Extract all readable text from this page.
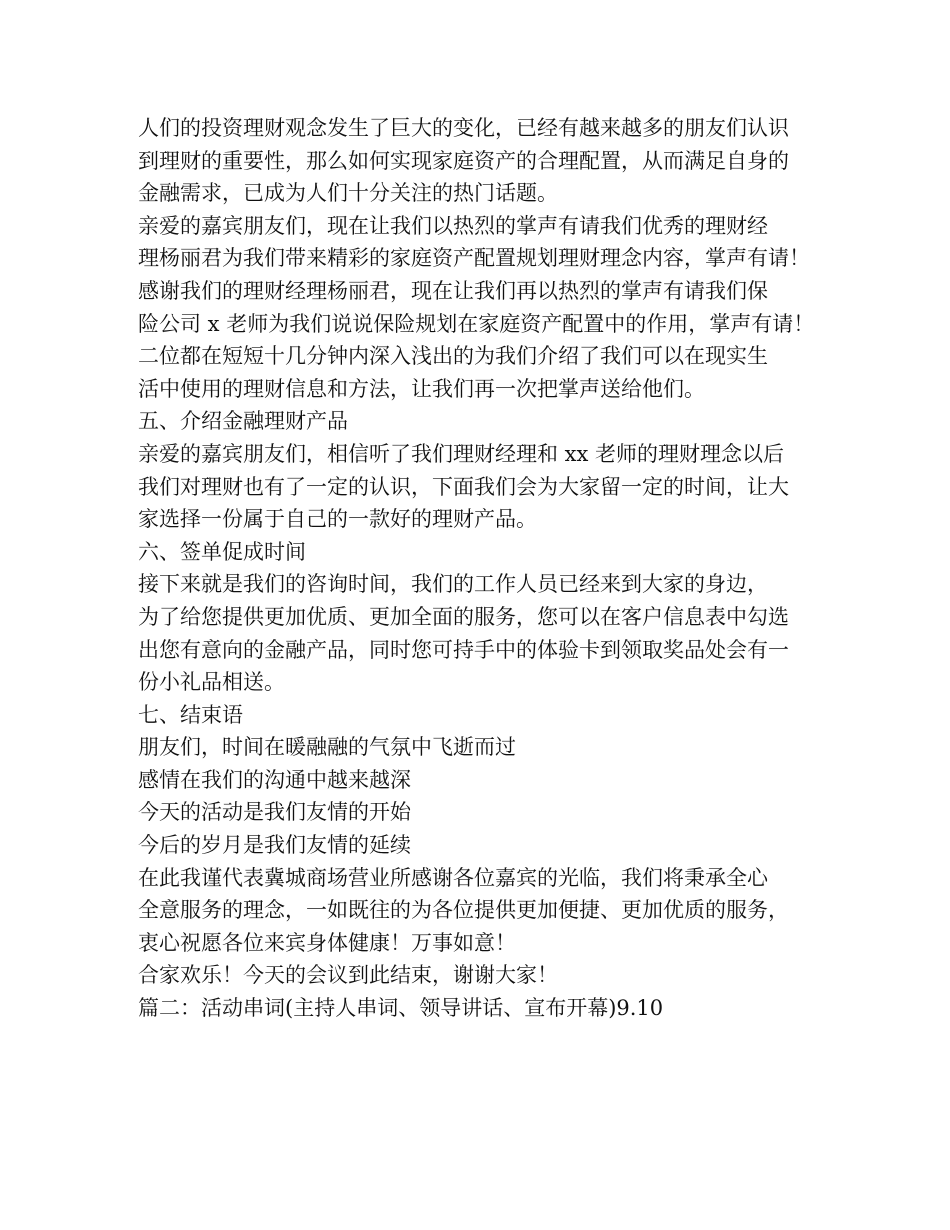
人们的投资理财观念发生了巨大的变化，已经有越来越多的朋友们认识
到理财的重要性，那么如何实现家庭资产的合理配置，从而满足自身的
金融需求，已成为人们十分关注的热门话题。
亲爱的嘉宾朋友们，现在让我们以热烈的掌声有请我们优秀的理财经
理杨丽君为我们带来精彩的家庭资产配置规划理财理念内容，掌声有请！
感谢我们的理财经理杨丽君，现在让我们再以热烈的掌声有请我们保
险公司 x 老师为我们说说保险规划在家庭资产配置中的作用，掌声有请！
二位都在短短十几分钟内深入浅出的为我们介绍了我们可以在现实生
活中使用的理财信息和方法，让我们再一次把掌声送给他们。
五、介绍金融理财产品
亲爱的嘉宾朋友们，相信听了我们理财经理和 xx 老师的理财理念以后
我们对理财也有了一定的认识，下面我们会为大家留一定的时间，让大
家选择一份属于自己的一款好的理财产品。
六、签单促成时间
接下来就是我们的咨询时间，我们的工作人员已经来到大家的身边，
为了给您提供更加优质、更加全面的服务，您可以在客户信息表中勾选
出您有意向的金融产品，同时您可持手中的体验卡到领取奖品处会有一
份小礼品相送。
七、结束语
朋友们，时间在暖融融的气氛中飞逝而过
感情在我们的沟通中越来越深
今天的活动是我们友情的开始
今后的岁月是我们友情的延续
在此我谨代表冀城商场营业所感谢各位嘉宾的光临，我们将秉承全心
全意服务的理念，一如既往的为各位提供更加便捷、更加优质的服务，
衷心祝愿各位来宾身体健康！万事如意！
合家欢乐！今天的会议到此结束，谢谢大家！
篇二：活动串词(主持人串词、领导讲话、宣布开幕)9.10
